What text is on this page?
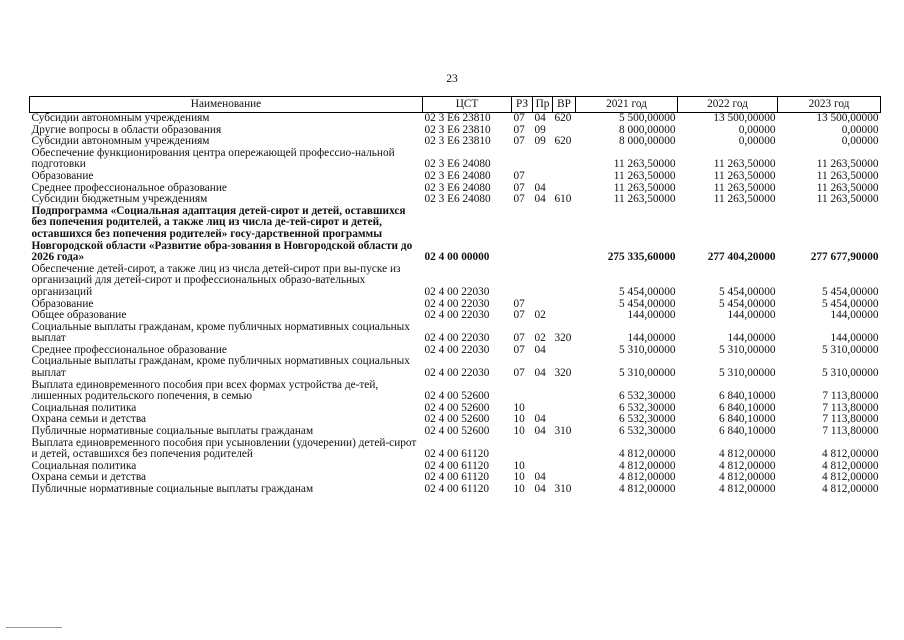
23
Наименование	ЦСТ	РЗ	Пр	ВР	2021 год	2022 год	2023 год
Субсидии автономным учреждениям	02 3 Е6 23810	07	04	620	5 500,00000	13 500,00000	13 500,00000
Другие вопросы в области образования	02 3 Е6 23810	07	09		8 000,00000	0,00000	0,00000
Субсидии автономным учреждениям	02 3 Е6 23810	07	09	620	8 000,00000	0,00000	0,00000
Обеспечение функционирования центра опережающей профессио-нальной подготовки	02 3 Е6 24080				11 263,50000	11 263,50000	11 263,50000
Образование	02 3 Е6 24080	07			11 263,50000	11 263,50000	11 263,50000
Среднее профессиональное образование	02 3 Е6 24080	07	04		11 263,50000	11 263,50000	11 263,50000
Субсидии бюджетным учреждениям	02 3 Е6 24080	07	04	610	11 263,50000	11 263,50000	11 263,50000
Подпрограмма «Социальная адаптация детей-сирот и детей, оставшихся без попечения родителей, а также лиц из числа де-тей-сирот и детей, оставшихся без попечения родителей» госу-дарственной программы Новгородской области «Развитие обра-зования в Новгородской области до 2026 года»	02 4 00 00000				275 335,60000	277 404,20000	277 677,90000
Обеспечение детей-сирот, а также лиц из числа детей-сирот при вы-пуске из организаций для детей-сирот и профессиональных образо-вательных организаций	02 4 00 22030				5 454,00000	5 454,00000	5 454,00000
Образование	02 4 00 22030	07			5 454,00000	5 454,00000	5 454,00000
Общее образование	02 4 00 22030	07	02		144,00000	144,00000	144,00000
Социальные выплаты гражданам, кроме публичных нормативных социальных выплат	02 4 00 22030	07	02	320	144,00000	144,00000	144,00000
Среднее профессиональное образование	02 4 00 22030	07	04		5 310,00000	5 310,00000	5 310,00000
Социальные выплаты гражданам, кроме публичных нормативных социальных выплат	02 4 00 22030	07	04	320	5 310,00000	5 310,00000	5 310,00000
Выплата единовременного пособия при всех формах устройства де-тей, лишенных родительского попечения, в семью	02 4 00 52600				6 532,30000	6 840,10000	7 113,80000
Социальная политика	02 4 00 52600	10			6 532,30000	6 840,10000	7 113,80000
Охрана семьи и детства	02 4 00 52600	10	04		6 532,30000	6 840,10000	7 113,80000
Публичные нормативные социальные выплаты гражданам	02 4 00 52600	10	04	310	6 532,30000	6 840,10000	7 113,80000
Выплата единовременного пособия при усыновлении (удочерении) детей-сирот и детей, оставшихся без попечения родителей	02 4 00 61120				4 812,00000	4 812,00000	4 812,00000
Социальная политика	02 4 00 61120	10			4 812,00000	4 812,00000	4 812,00000
Охрана семьи и детства	02 4 00 61120	10	04		4 812,00000	4 812,00000	4 812,00000
Публичные нормативные социальные выплаты гражданам	02 4 00 61120	10	04	310	4 812,00000	4 812,00000	4 812,00000
